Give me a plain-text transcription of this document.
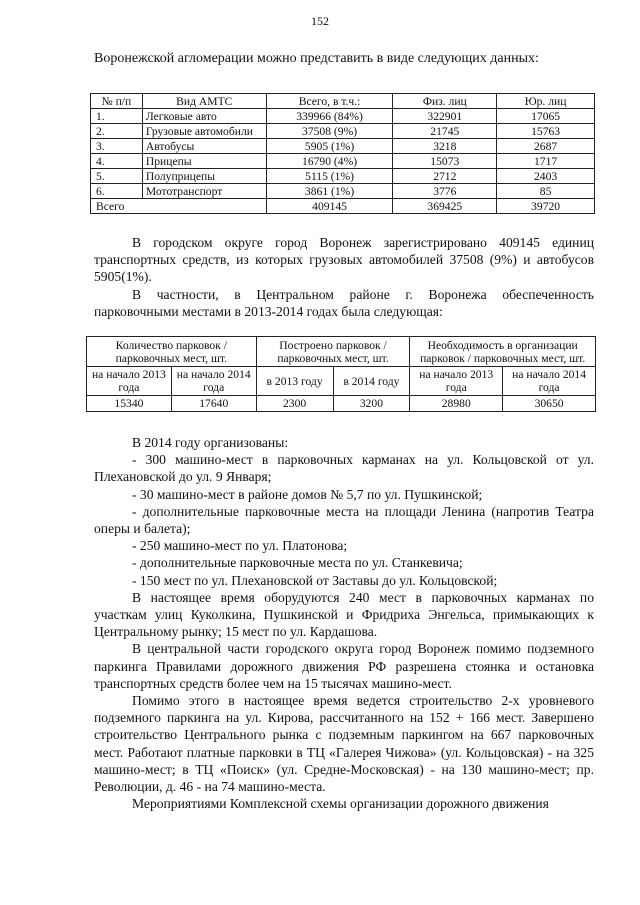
152
Воронежской агломерации можно представить в виде следующих данных:
№ п/п	Вид АМТС	Всего, в т.ч.:	Физ. лиц	Юр. лиц
1.	Легковые авто	339966 (84%)	322901	17065
2.	Грузовые автомобили	37508 (9%)	21745	15763
3.	Автобусы	5905 (1%)	3218	2687
4.	Прицепы	16790 (4%)	15073	1717
5.	Полуприцепы	5115 (1%)	2712	2403
6.	Мототранспорт	3861 (1%)	3776	85
Всего		409145	369425	39720

В городском округе город Воронеж зарегистрировано 409145 единиц транспортных средств, из которых грузовых автомобилей 37508 (9%) и автобусов 5905(1%).

В частности, в Центральном районе г. Воронежа обеспеченность парковочными местами в 2013-2014 годах была следующая:

Количество парковок / парковочных мест, шт.		Построено парковок / парковочных мест, шт.		Необходимость в организации парковок / парковочных мест, шт.	
на начало 2013 года	на начало 2014 года	в 2013 году	в 2014 году	на начало 2013 года	на начало 2014 года
15340	17640	2300	3200	28980	30650

В 2014 году организованы:

- 300 машино-мест в парковочных карманах на ул. Кольцовской от ул. Плехановской до ул. 9 Января;

- 30 машино-мест в районе домов № 5,7 по ул. Пушкинской;

- дополнительные парковочные места на площади Ленина (напротив Театра оперы и балета);

- 250 машино-мест по ул. Платонова;

- дополнительные парковочные места по ул. Станкевича;

- 150 мест по ул. Плехановской от Заставы до ул. Кольцовской;

В настоящее время оборудуются 240 мест в парковочных карманах по участкам улиц Куколкина, Пушкинской и Фридриха Энгельса, примыкающих к Центральному рынку; 15 мест по ул. Кардашова.

В центральной части городского округа город Воронеж помимо подземного паркинга Правилами дорожного движения РФ разрешена стоянка и остановка транспортных средств более чем на 15 тысячах машино-мест.

Помимо этого в настоящее время ведется строительство 2-х уровневого подземного паркинга на ул. Кирова, рассчитанного на 152 + 166 мест. Завершено строительство Центрального рынка с подземным паркингом на 667 парковочных мест. Работают платные парковки в ТЦ «Галерея Чижова» (ул. Кольцовская) - на 325 машино-мест; в ТЦ «Поиск» (ул. Средне-Московская) - на 130 машино-мест; пр. Революции, д. 46 - на 74 машино-места.

Мероприятиями Комплексной схемы организации дорожного движения
